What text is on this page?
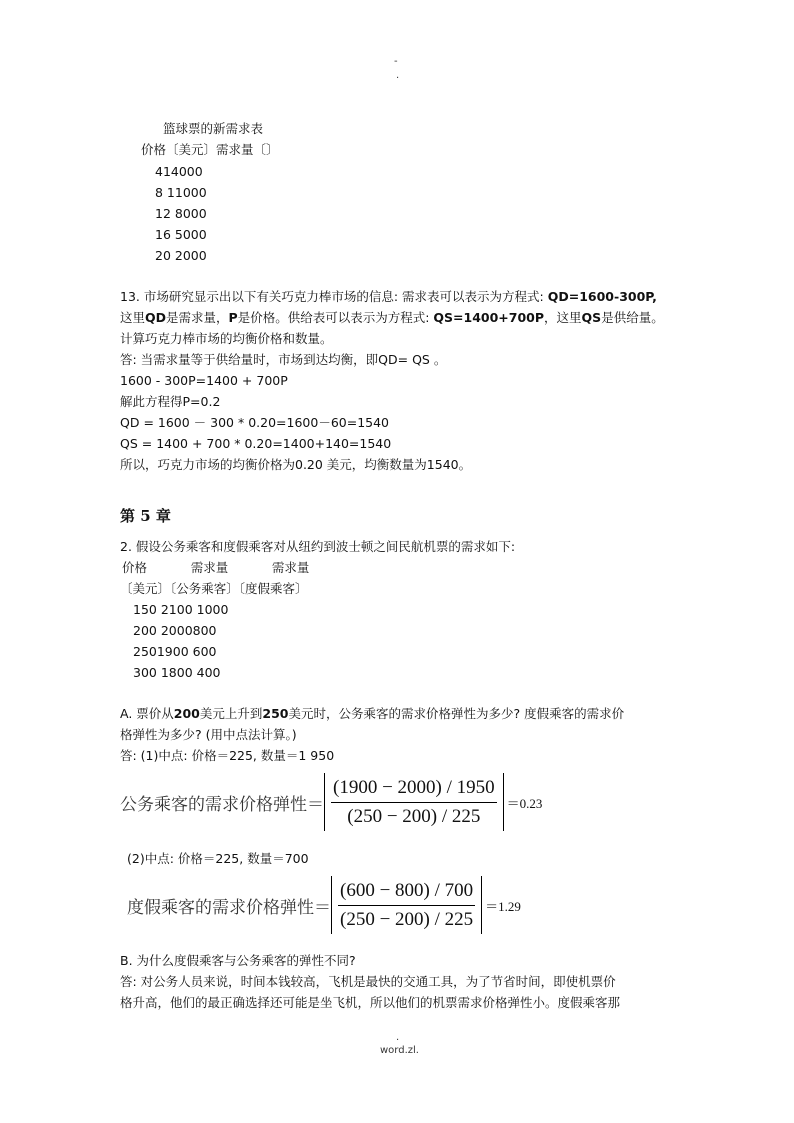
-
.
篮球票的新需求表
价格〔美元〕需求量〔〕
414000
8 11000
12 8000
16 5000
20 2000
13. 市场研究显示出以下有关巧克力棒市场的信息: 需求表可以表示为方程式: QD=1600-300P,
这里QD是需求量，P是价格。供给表可以表示为方程式: QS=1400+700P，这里QS是供给量。
计算巧克力棒市场的均衡价格和数量。
答: 当需求量等于供给量时，市场到达均衡，即QD= QS 。
1600 - 300P=1400 + 700P
解此方程得P=0.2
QD = 1600 － 300 * 0.20=1600－60=1540
QS = 1400 + 700 * 0.20=1400+140=1540
所以，巧克力市场的均衡价格为0.20 美元，均衡数量为1540。
第 5 章
2. 假设公务乘客和度假乘客对从纽约到波士顿之间民航机票的需求如下:
价格           需求量           需求量
〔美元〕〔公务乘客〕〔度假乘客〕
150 2100 1000
200 2000800
2501900 600
300 1800 400
A. 票价从200美元上升到250美元时，公务乘客的需求价格弹性为多少? 度假乘客的需求价
格弹性为多少? (用中点法计算。)
答: (1)中点: 价格＝225, 数量＝1 950
公务乘客的需求价格弹性＝ $\frac{(1900 - 2000) / 1950}{(250 - 200) / 225} =0.23$
(2)中点: 价格＝225, 数量＝700
度假乘客的需求价格弹性＝ $\frac{(600 - 800) / 700}{(250 - 200) / 225} =1.29$
B. 为什么度假乘客与公务乘客的弹性不同?
答: 对公务人员来说，时间本钱较高，飞机是最快的交通工具，为了节省时间，即使机票价
格升高，他们的最正确选择还可能是坐飞机，所以他们的机票需求价格弹性小。度假乘客那
.
word.zl.
